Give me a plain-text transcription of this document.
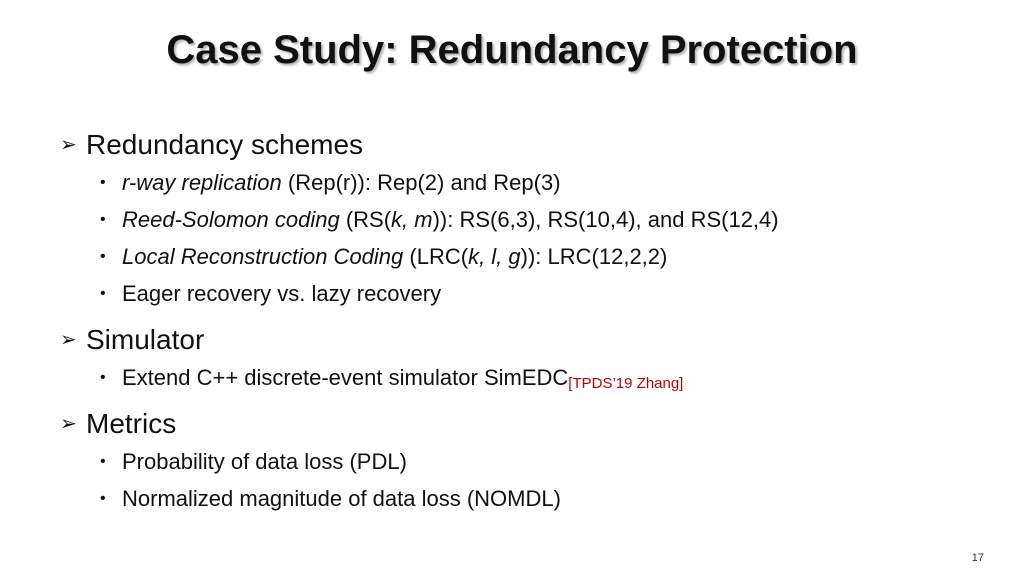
Case Study: Redundancy Protection
➢ Redundancy schemes
• r-way replication (Rep(r)): Rep(2) and Rep(3)
• Reed-Solomon coding (RS(k, m)): RS(6,3), RS(10,4), and RS(12,4)
• Local Reconstruction Coding (LRC(k, l, g)): LRC(12,2,2)
• Eager recovery vs. lazy recovery
➢ Simulator
• Extend C++ discrete-event simulator SimEDC[TPDS’19 Zhang]
➢ Metrics
• Probability of data loss (PDL)
• Normalized magnitude of data loss (NOMDL)
17
